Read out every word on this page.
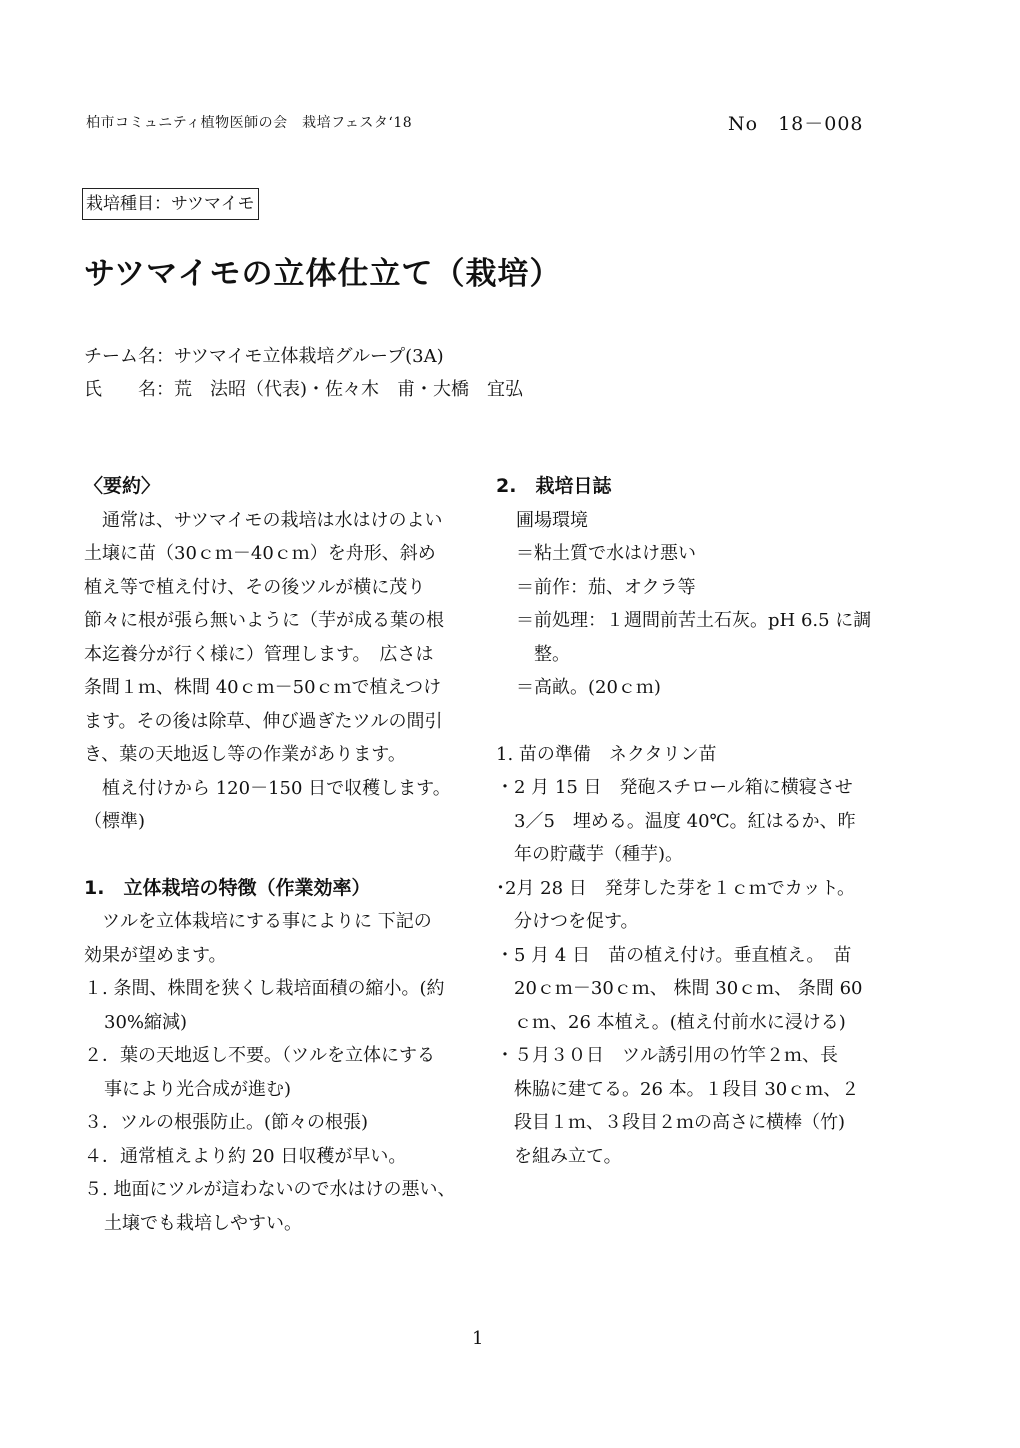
柏市コミュニティ植物医師の会　栽培フェスタ‘18	No　18－008
栽培種目：サツマイモ
サツマイモの立体仕立て（栽培）
チーム名：サツマイモ立体栽培グループ(3A)
氏　　名：荒　法昭（代表)・佐々木　甫・大橋　宜弘

〈要約〉

　通常は、サツマイモの栽培は水はけのよい

土壌に苗（30ｃｍ－40ｃｍ）を舟形、斜め

植え等で植え付け、その後ツルが横に茂り

節々に根が張ら無いように（芋が成る葉の根

本迄養分が行く様に）管理します。　広さは

条間１ｍ、株間 40ｃｍ－50ｃｍで植えつけ

ます。その後は除草、伸び過ぎたツルの間引

き、葉の天地返し等の作業があります。

　植え付けから 120－150 日で収穫します。

（標準)

1.　立体栽培の特徴（作業効率）

　ツルを立体栽培にする事によりに 下記の

効果が望めます。

１. 条間、株間を狭くし栽培面積の縮小。(約

30%縮減)

２．葉の天地返し不要。（ツルを立体にする

事により光合成が進む)

３．ツルの根張防止。(節々の根張)

４．通常植えより約 20 日収穫が早い。

５. 地面にツルが這わないので水はけの悪い、

土壌でも栽培しやすい。

2.　栽培日誌

圃場環境

＝粘土質で水はけ悪い

＝前作：茄、オクラ等

＝前処理：１週間前苦土石灰。pH 6.5 に調

　整。

＝高畝。(20ｃｍ)

1. 苗の準備　ネクタリン苗

・2 月 15 日　発砲スチロール箱に横寝させ

　3／5　埋める。温度 40℃。紅はるか、昨

　年の貯蔵芋（種芋)。

･2月 28 日　発芽した芽を１ｃｍでカット。

　分けつを促す。

・5 月 4 日　苗の植え付け。垂直植え。　苗

　20ｃｍ－30ｃｍ、 株間 30ｃｍ、 条間 60

　ｃｍ、26 本植え。(植え付前水に浸ける)

・５月３０日　ツル誘引用の竹竿２ｍ、長

　株脇に建てる。26 本。１段目 30ｃｍ、２

　段目１ｍ、３段目２ｍの高さに横棒（竹)

　を組み立て。

1
